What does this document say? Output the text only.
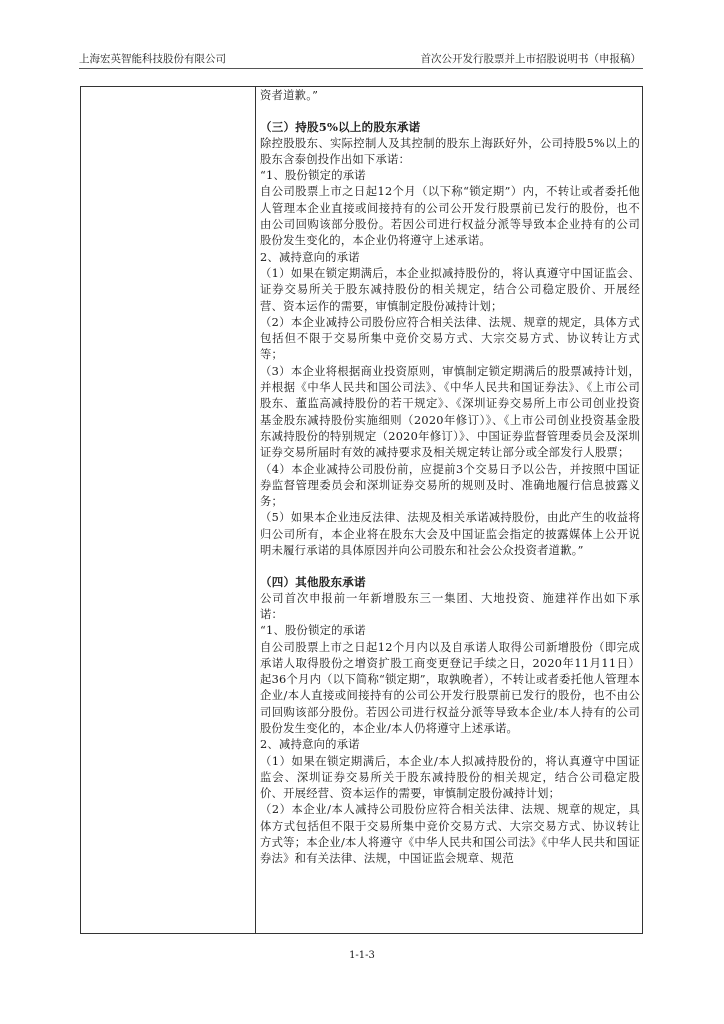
上海宏英智能科技股份有限公司	首次公开发行股票并上市招股说明书（申报稿）

资者道歉。”

（三）持股5%以上的股东承诺

除控股股东、实际控制人及其控制的股东上海跃好外，公司持股5%以上的股东含泰创投作出如下承诺：

“1、股份锁定的承诺

自公司股票上市之日起12个月（以下称“锁定期”）内，不转让或者委托他人管理本企业直接或间接持有的公司公开发行股票前已发行的股份，也不由公司回购该部分股份。若因公司进行权益分派等导致本企业持有的公司股份发生变化的，本企业仍将遵守上述承诺。

2、减持意向的承诺

（1）如果在锁定期满后，本企业拟减持股份的，将认真遵守中国证监会、证券交易所关于股东减持股份的相关规定，结合公司稳定股价、开展经营、资本运作的需要，审慎制定股份减持计划；

（2）本企业减持公司股份应符合相关法律、法规、规章的规定，具体方式包括但不限于交易所集中竞价交易方式、大宗交易方式、协议转让方式等；

（3）本企业将根据商业投资原则，审慎制定锁定期满后的股票减持计划，并根据《中华人民共和国公司法》、《中华人民共和国证券法》、《上市公司股东、董监高减持股份的若干规定》、《深圳证券交易所上市公司创业投资基金股东减持股份实施细则（2020年修订）》、《上市公司创业投资基金股东减持股份的特别规定（2020年修订）》、中国证券监督管理委员会及深圳证券交易所届时有效的减持要求及相关规定转让部分或全部发行人股票；

（4）本企业减持公司股份前，应提前3个交易日予以公告，并按照中国证券监督管理委员会和深圳证券交易所的规则及时、准确地履行信息披露义务；

（5）如果本企业违反法律、法规及相关承诺减持股份，由此产生的收益将归公司所有，本企业将在股东大会及中国证监会指定的披露媒体上公开说明未履行承诺的具体原因并向公司股东和社会公众投资者道歉。”

（四）其他股东承诺

公司首次申报前一年新增股东三一集团、大地投资、施建祥作出如下承诺：

“1、股份锁定的承诺

自公司股票上市之日起12个月内以及自承诺人取得公司新增股份（即完成承诺人取得股份之增资扩股工商变更登记手续之日，2020年11月11日）起36个月内（以下简称“锁定期”，取孰晚者），不转让或者委托他人管理本企业/本人直接或间接持有的公司公开发行股票前已发行的股份，也不由公司回购该部分股份。若因公司进行权益分派等导致本企业/本人持有的公司股份发生变化的，本企业/本人仍将遵守上述承诺。

2、减持意向的承诺

（1）如果在锁定期满后，本企业/本人拟减持股份的，将认真遵守中国证监会、深圳证券交易所关于股东减持股份的相关规定，结合公司稳定股价、开展经营、资本运作的需要，审慎制定股份减持计划；

（2）本企业/本人减持公司股份应符合相关法律、法规、规章的规定，具体方式包括但不限于交易所集中竞价交易方式、大宗交易方式、协议转让方式等；本企业/本人将遵守《中华人民共和国公司法》《中华人民共和国证券法》和有关法律、法规，中国证监会规章、规范

1-1-3
